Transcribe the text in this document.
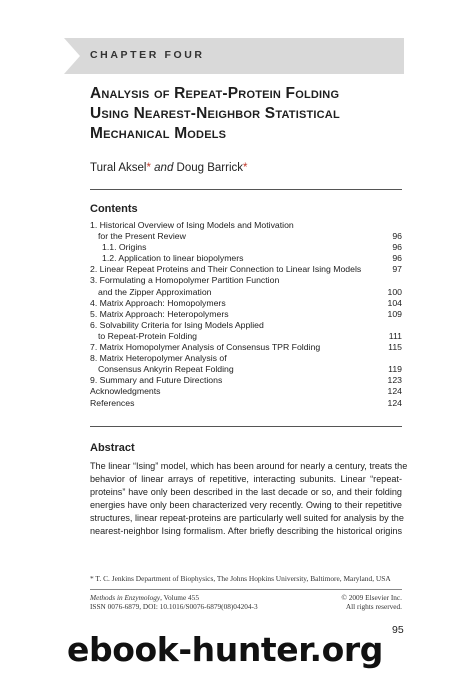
CHAPTER FOUR
Analysis of Repeat-Protein Folding
Using Nearest-Neighbor Statistical
Mechanical Models
Tural Aksel* and Doug Barrick*
Contents
1. Historical Overview of Ising Models and Motivation
for the Present Review	96
1.1. Origins	96
1.2. Application to linear biopolymers	96
2. Linear Repeat Proteins and Their Connection to Linear Ising Models	97
3. Formulating a Homopolymer Partition Function
and the Zipper Approximation	100
4. Matrix Approach: Homopolymers	104
5. Matrix Approach: Heteropolymers	109
6. Solvability Criteria for Ising Models Applied
to Repeat-Protein Folding	111
7. Matrix Homopolymer Analysis of Consensus TPR Folding	115
8. Matrix Heteropolymer Analysis of
Consensus Ankyrin Repeat Folding	119
9. Summary and Future Directions	123
Acknowledgments	124
References	124
Abstract
The linear “Ising” model, which has been around for nearly a century, treats the
behavior of linear arrays of repetitive, interacting subunits. Linear “repeat-
proteins” have only been described in the last decade or so, and their folding
energies have only been characterized very recently. Owing to their repetitive
structures, linear repeat-proteins are particularly well suited for analysis by the
nearest-neighbor Ising formalism. After briefly describing the historical origins
* T. C. Jenkins Department of Biophysics, The Johns Hopkins University, Baltimore, Maryland, USA
Methods in Enzymology, Volume 455	© 2009 Elsevier Inc.
ISSN 0076-6879, DOI: 10.1016/S0076-6879(08)04204-3	All rights reserved.
95
ebook-hunter.org
